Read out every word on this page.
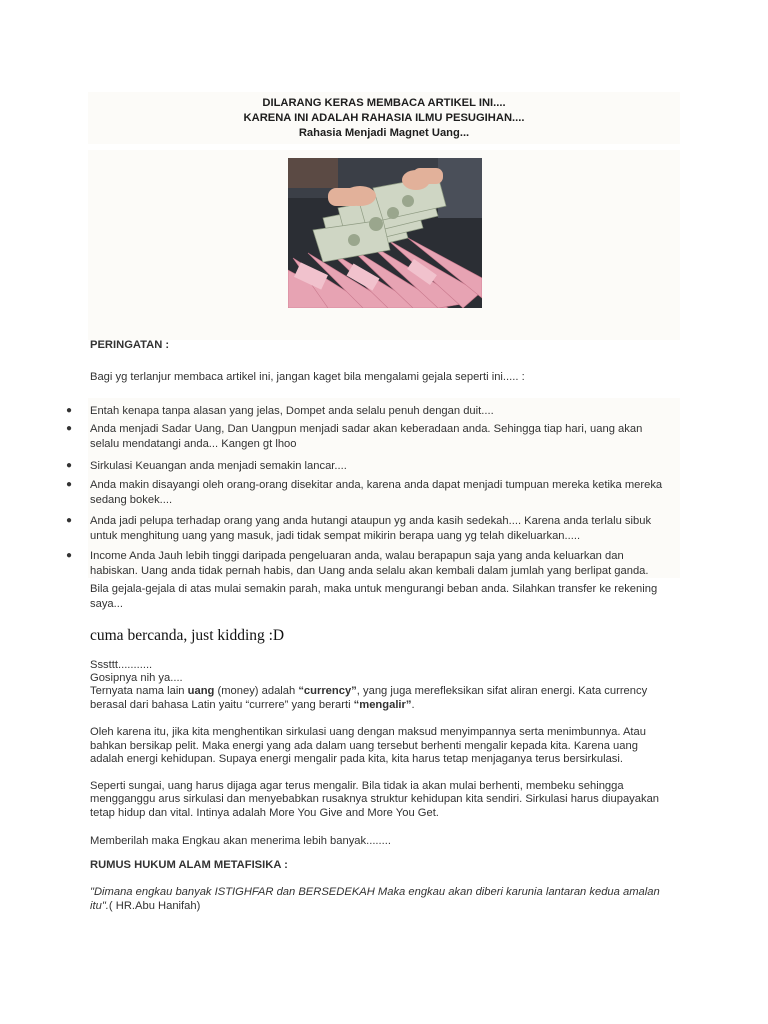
DILARANG KERAS MEMBACA ARTIKEL INI....
KARENA INI ADALAH RAHASIA ILMU PESUGIHAN....
Rahasia Menjadi Magnet Uang...
PERINGATAN :
Bagi yg terlanjur membaca artikel ini, jangan kaget bila mengalami gejala seperti ini..... :
● Entah kenapa tanpa alasan yang jelas, Dompet anda selalu penuh dengan duit....
● Anda menjadi Sadar Uang, Dan Uangpun menjadi sadar akan keberadaan anda. Sehingga tiap hari, uang akan
selalu mendatangi anda... Kangen gt lhoo
● Sirkulasi Keuangan anda menjadi semakin lancar....
● Anda makin disayangi oleh orang-orang disekitar anda, karena anda dapat menjadi tumpuan mereka ketika mereka
sedang bokek....
● Anda jadi pelupa terhadap orang yang anda hutangi ataupun yg anda kasih sedekah.... Karena anda terlalu sibuk
untuk menghitung uang yang masuk, jadi tidak sempat mikirin berapa uang yg telah dikeluarkan.....
● Income Anda Jauh lebih tinggi daripada pengeluaran anda, walau berapapun saja yang anda keluarkan dan
habiskan. Uang anda tidak pernah habis, dan Uang anda selalu akan kembali dalam jumlah yang berlipat ganda.
Bila gejala-gejala di atas mulai semakin parah, maka untuk mengurangi beban anda. Silahkan transfer ke rekening
saya...
cuma bercanda, just kidding :D
Sssttt...........
Gosipnya nih ya....
Ternyata nama lain uang (money) adalah “currency”, yang juga merefleksikan sifat aliran energi. Kata currency
berasal dari bahasa Latin yaitu “currere” yang berarti “mengalir”.
Oleh karena itu, jika kita menghentikan sirkulasi uang dengan maksud menyimpannya serta menimbunnya. Atau
bahkan bersikap pelit. Maka energi yang ada dalam uang tersebut berhenti mengalir kepada kita. Karena uang
adalah energi kehidupan. Supaya energi mengalir pada kita, kita harus tetap menjaganya terus bersirkulasi.
Seperti sungai, uang harus dijaga agar terus mengalir. Bila tidak ia akan mulai berhenti, membeku sehingga
mengganggu arus sirkulasi dan menyebabkan rusaknya struktur kehidupan kita sendiri. Sirkulasi harus diupayakan
tetap hidup dan vital. Intinya adalah More You Give and More You Get.
Memberilah maka Engkau akan menerima lebih banyak........
RUMUS HUKUM ALAM METAFISIKA :
"Dimana engkau banyak ISTIGHFAR dan BERSEDEKAH Maka engkau akan diberi karunia lantaran kedua amalan
itu".( HR.Abu Hanifah)
